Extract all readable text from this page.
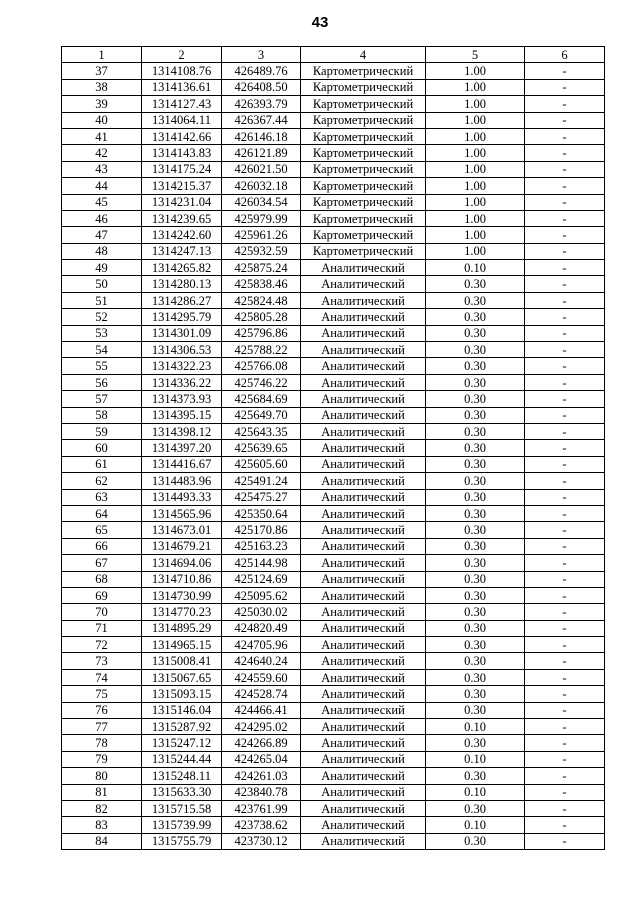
43
1	2	3	4	5	6
37	1314108.76	426489.76	Картометрический	1.00	-
38	1314136.61	426408.50	Картометрический	1.00	-
39	1314127.43	426393.79	Картометрический	1.00	-
40	1314064.11	426367.44	Картометрический	1.00	-
41	1314142.66	426146.18	Картометрический	1.00	-
42	1314143.83	426121.89	Картометрический	1.00	-
43	1314175.24	426021.50	Картометрический	1.00	-
44	1314215.37	426032.18	Картометрический	1.00	-
45	1314231.04	426034.54	Картометрический	1.00	-
46	1314239.65	425979.99	Картометрический	1.00	-
47	1314242.60	425961.26	Картометрический	1.00	-
48	1314247.13	425932.59	Картометрический	1.00	-
49	1314265.82	425875.24	Аналитический	0.10	-
50	1314280.13	425838.46	Аналитический	0.30	-
51	1314286.27	425824.48	Аналитический	0.30	-
52	1314295.79	425805.28	Аналитический	0.30	-
53	1314301.09	425796.86	Аналитический	0.30	-
54	1314306.53	425788.22	Аналитический	0.30	-
55	1314322.23	425766.08	Аналитический	0.30	-
56	1314336.22	425746.22	Аналитический	0.30	-
57	1314373.93	425684.69	Аналитический	0.30	-
58	1314395.15	425649.70	Аналитический	0.30	-
59	1314398.12	425643.35	Аналитический	0.30	-
60	1314397.20	425639.65	Аналитический	0.30	-
61	1314416.67	425605.60	Аналитический	0.30	-
62	1314483.96	425491.24	Аналитический	0.30	-
63	1314493.33	425475.27	Аналитический	0.30	-
64	1314565.96	425350.64	Аналитический	0.30	-
65	1314673.01	425170.86	Аналитический	0.30	-
66	1314679.21	425163.23	Аналитический	0.30	-
67	1314694.06	425144.98	Аналитический	0.30	-
68	1314710.86	425124.69	Аналитический	0.30	-
69	1314730.99	425095.62	Аналитический	0.30	-
70	1314770.23	425030.02	Аналитический	0.30	-
71	1314895.29	424820.49	Аналитический	0.30	-
72	1314965.15	424705.96	Аналитический	0.30	-
73	1315008.41	424640.24	Аналитический	0.30	-
74	1315067.65	424559.60	Аналитический	0.30	-
75	1315093.15	424528.74	Аналитический	0.30	-
76	1315146.04	424466.41	Аналитический	0.30	-
77	1315287.92	424295.02	Аналитический	0.10	-
78	1315247.12	424266.89	Аналитический	0.30	-
79	1315244.44	424265.04	Аналитический	0.10	-
80	1315248.11	424261.03	Аналитический	0.30	-
81	1315633.30	423840.78	Аналитический	0.10	-
82	1315715.58	423761.99	Аналитический	0.30	-
83	1315739.99	423738.62	Аналитический	0.10	-
84	1315755.79	423730.12	Аналитический	0.30	-
